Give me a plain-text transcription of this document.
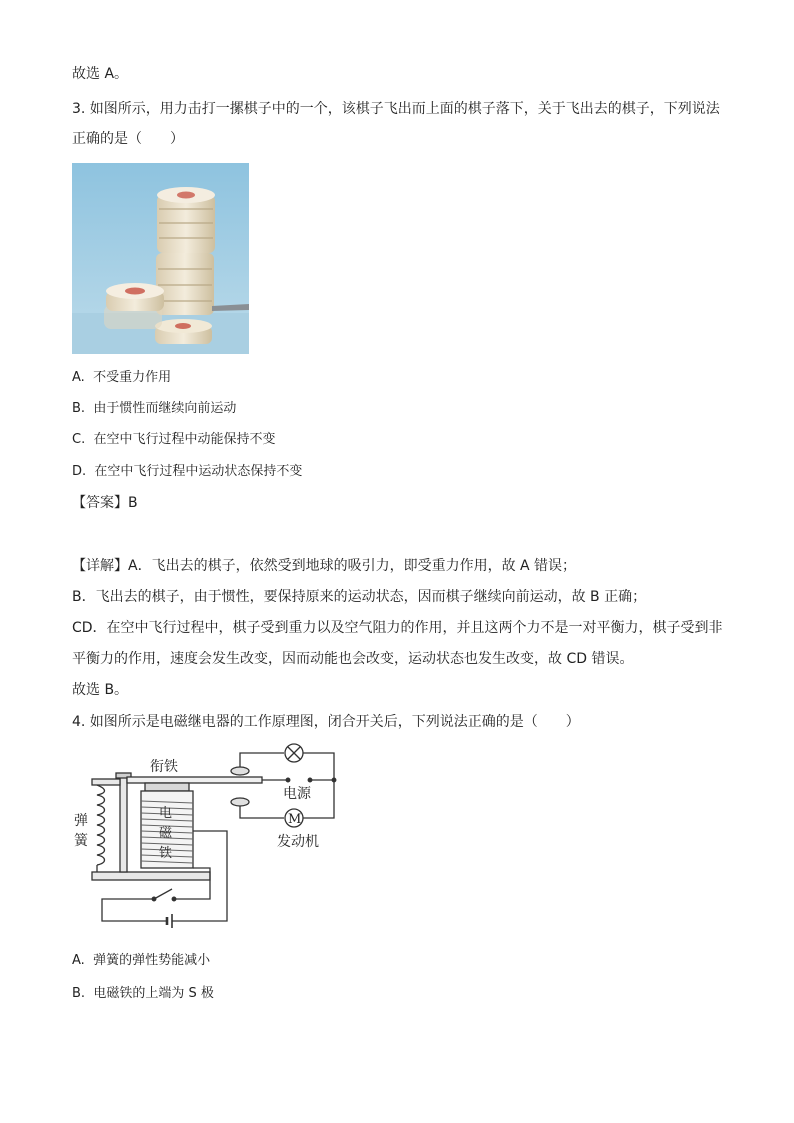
故选 A。
3. 如图所示，用力击打一摞棋子中的一个，该棋子飞出而上面的棋子落下，关于飞出去的棋子，下列说法
正确的是（　　）
A. 不受重力作用
B. 由于惯性而继续向前运动
C. 在空中飞行过程中动能保持不变
D. 在空中飞行过程中运动状态保持不变
【答案】B
【详解】A．飞出去的棋子，依然受到地球的吸引力，即受重力作用，故 A 错误；
B．飞出去的棋子，由于惯性，要保持原来的运动状态，因而棋子继续向前运动，故 B 正确；
CD．在空中飞行过程中，棋子受到重力以及空气阻力的作用，并且这两个力不是一对平衡力，棋子受到非
平衡力的作用，速度会发生改变，因而动能也会改变，运动状态也发生改变，故 CD 错误。
故选 B。
4. 如图所示是电磁继电器的工作原理图，闭合开关后，下列说法正确的是（　　）
衔铁
弹
簧
电
磁
铁
电源
M
发动机
A. 弹簧的弹性势能减小
B. 电磁铁的上端为 S 极
